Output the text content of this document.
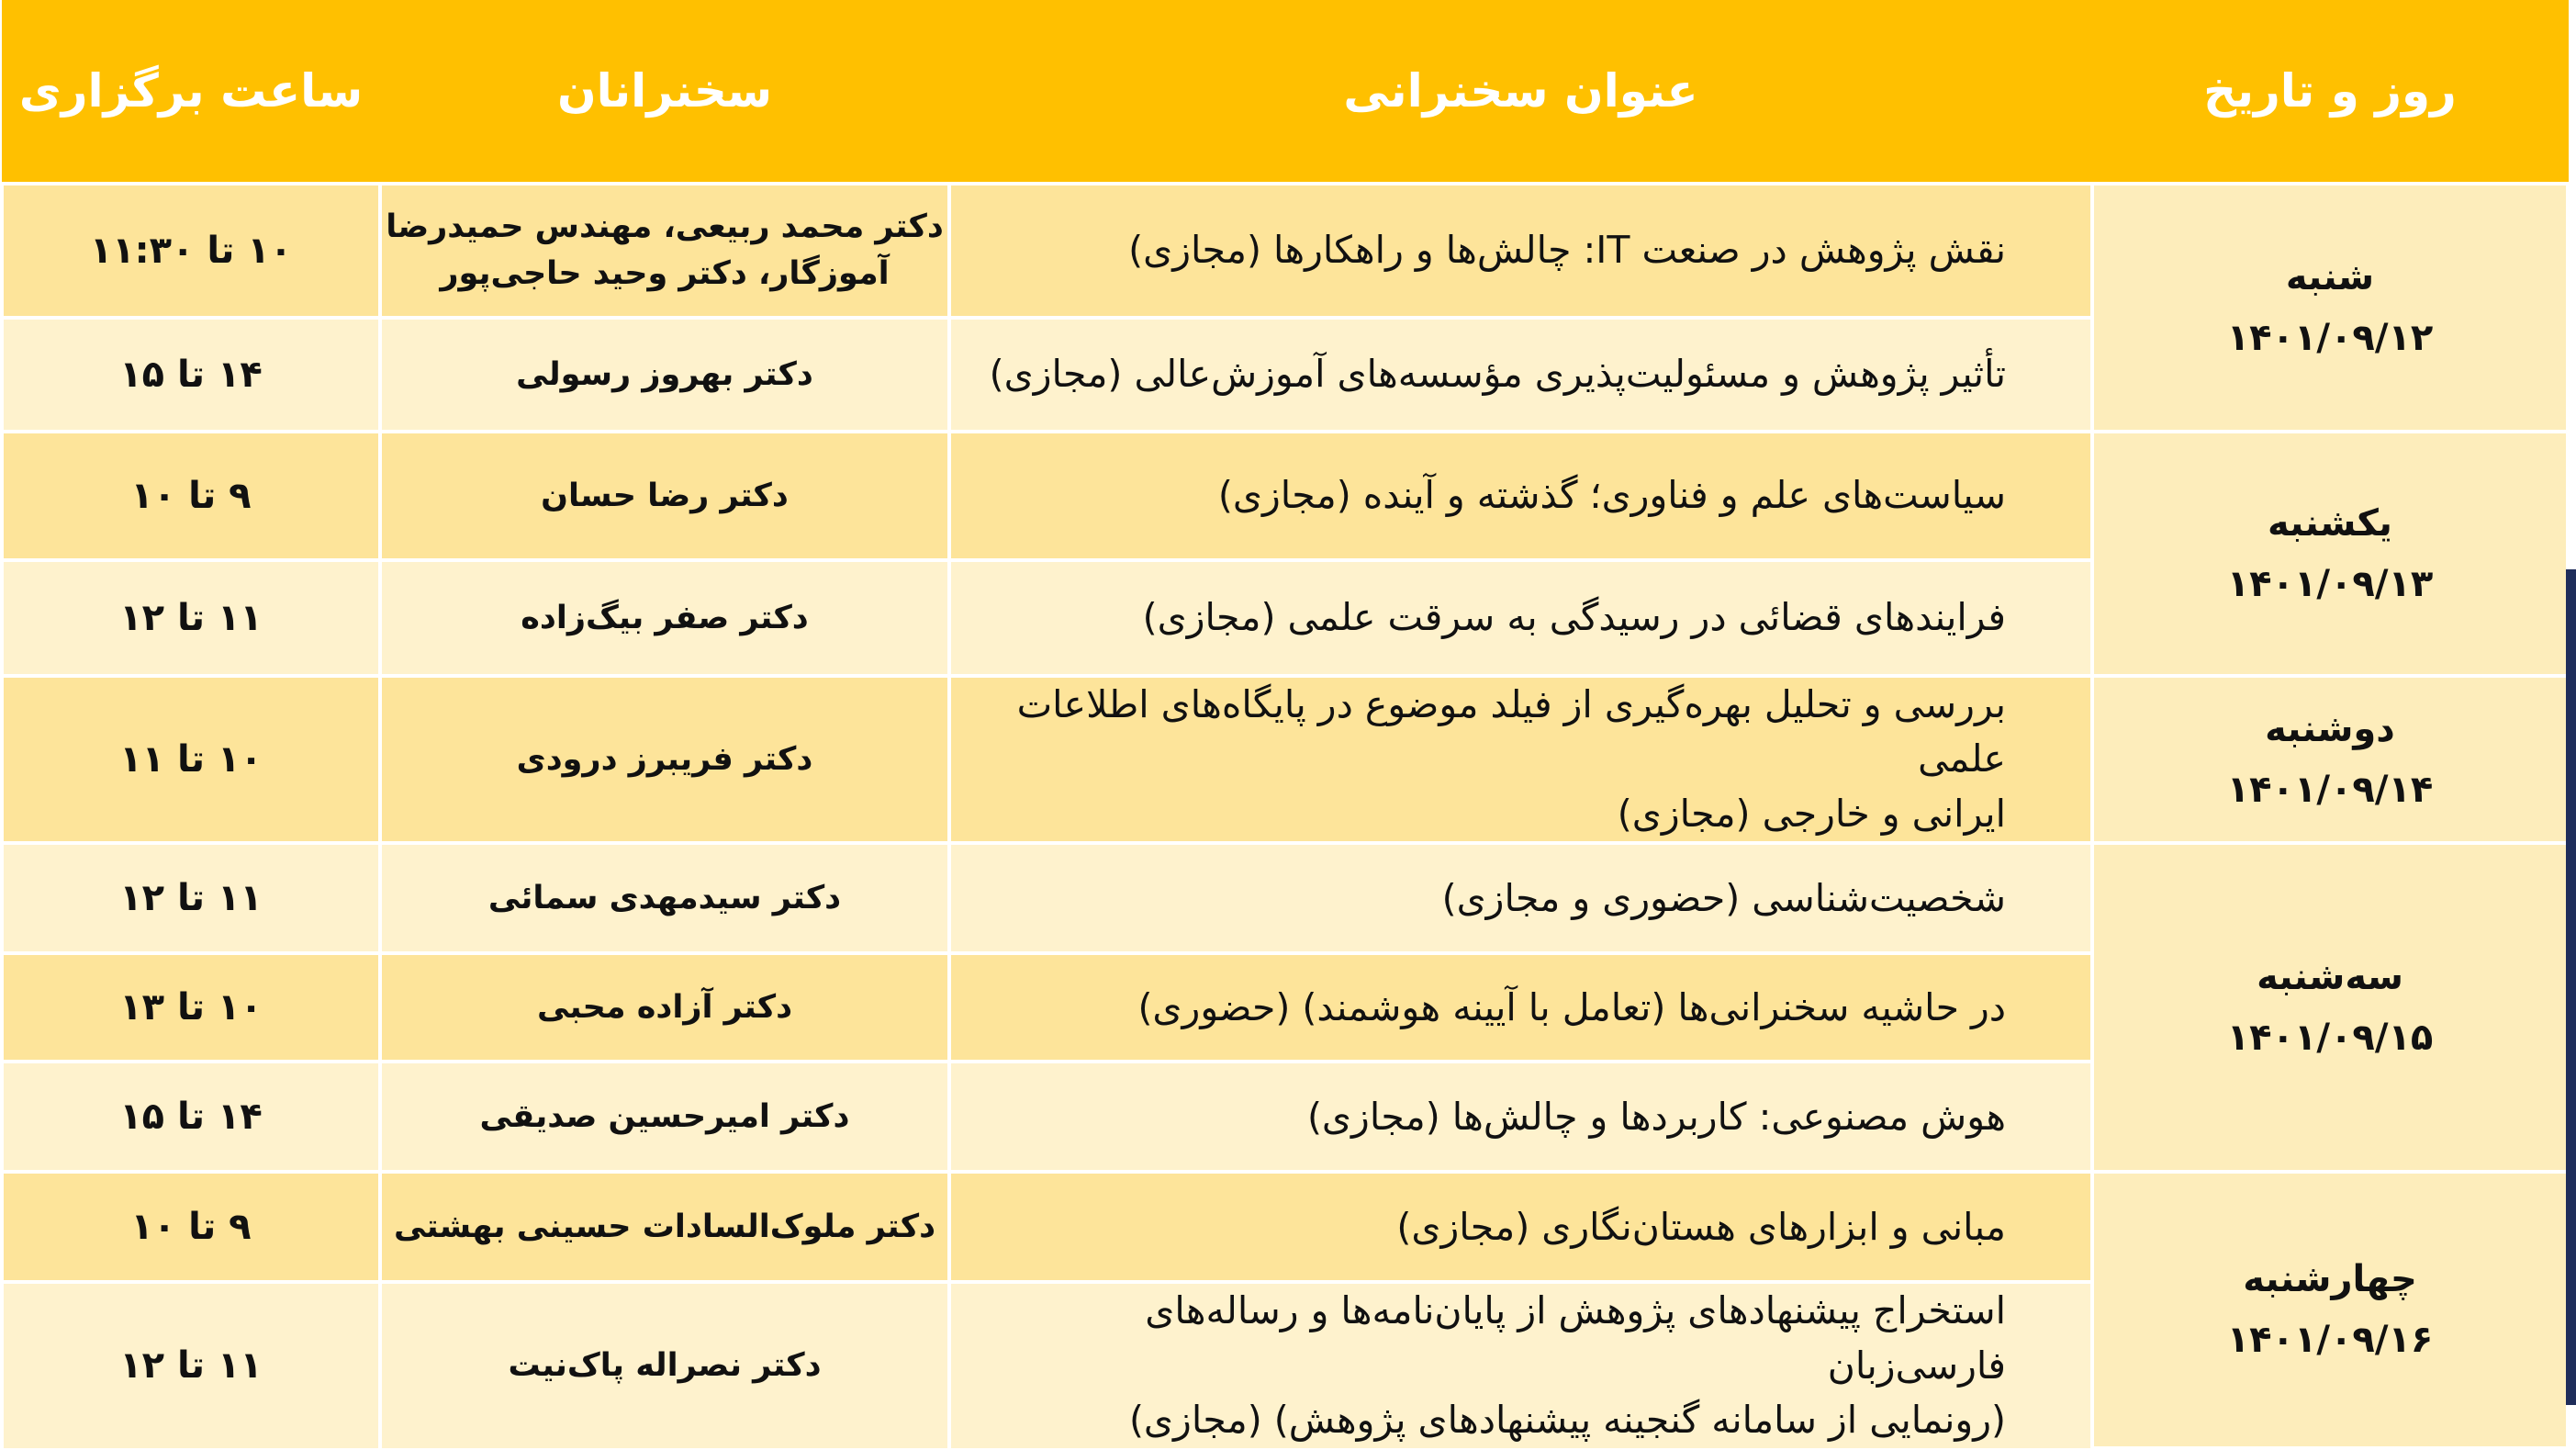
روز و تاریخ	عنوان سخنرانی	سخنرانان	ساعت برگزاری

شنبه
۱۴۰۱/۰۹/۱۲	نقش پژوهش در صنعت IT: چالش‌ها و راهکارها (مجازی)	دکتر محمد ربیعی، مهندس حمیدرضا
آموزگار، دکتر وحید حاجی‌پور	۱۰ تا ۱۱:۳۰
	تأثیر پژوهش و مسئولیت‌پذیری مؤسسه‌های آموزش‌عالی (مجازی)	دکتر بهروز رسولی	۱۴ تا ۱۵

یکشنبه
۱۴۰۱/۰۹/۱۳	سیاست‌های علم و فناوری؛ گذشته و آینده (مجازی)	دکتر رضا حسان	۹ تا ۱۰
	فرایندهای قضائی در رسیدگی به سرقت علمی (مجازی)	دکتر صفر بیگ‌زاده	۱۱ تا ۱۲

دوشنبه
۱۴۰۱/۰۹/۱۴	بررسی و تحلیل بهره‌گیری از فیلد موضوع در پایگاه‌های اطلاعات علمی
ایرانی و خارجی (مجازی)	دکتر فریبرز درودی	۱۰ تا ۱۱

سه‌شنبه
۱۴۰۱/۰۹/۱۵	شخصیت‌شناسی (حضوری و مجازی)	دکتر سیدمهدی سمائی	۱۱ تا ۱۲
	در حاشیه سخنرانی‌ها (تعامل با آیینه هوشمند) (حضوری)	دکتر آزاده محبی	۱۰ تا ۱۳
	هوش مصنوعی: کاربردها و چالش‌ها (مجازی)	دکتر امیرحسین صدیقی	۱۴ تا ۱۵

چهارشنبه
۱۴۰۱/۰۹/۱۶	مبانی و ابزارهای هستان‌نگاری (مجازی)	دکتر ملوک‌السادات حسینی بهشتی	۹ تا ۱۰

	استخراج پیشنهادهای پژوهش از پایان‌نامه‌ها و رساله‌های فارسی‌زبان
(رونمایی از سامانه گنجینه پیشنهادهای پژوهش) (مجازی)	دکتر نصراله پاک‌نیت	۱۱ تا ۱۲
